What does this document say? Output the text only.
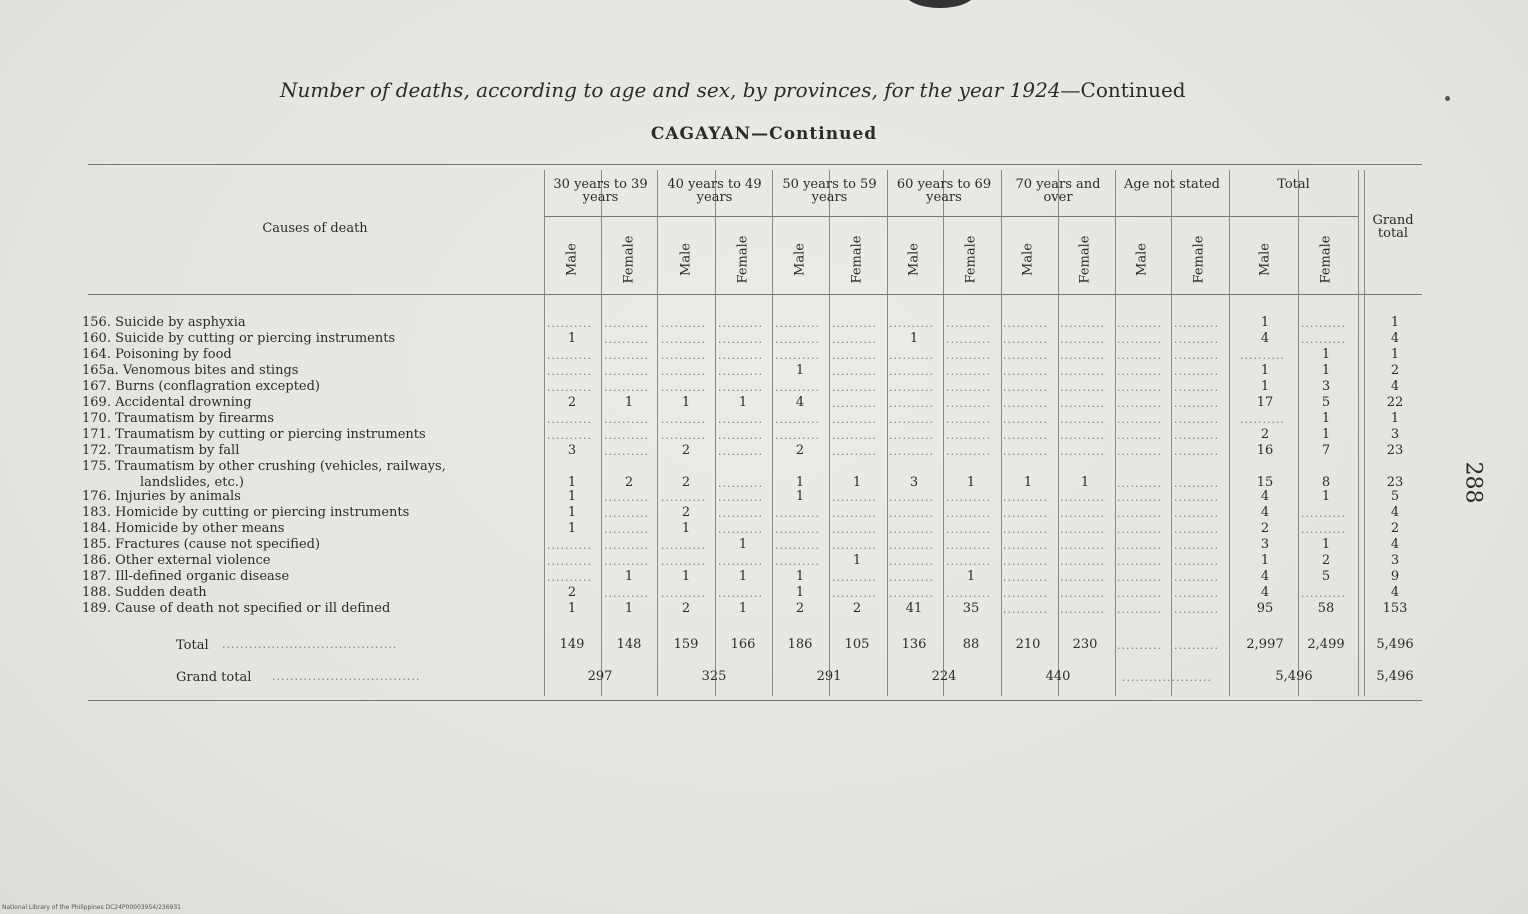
Number of deaths, according to age and sex, by provinces, for the year 1924—Continued
CAGAYAN—Continued
288
National Library of the Philippines DC24P00003954/236931
Causes of death
30 years to 39 years
40 years to 49 years
50 years to 59 years
60 years to 69 years
70 years and over
Age not stated	Total
Grand total
Male	Female	Male	Female	Male	Female	Male	Female	Male	Female	Male	Female	Male	Female
156. Suicide by asphyxia	..........	..........	..........	..........	..........	..........	..........	..........	..........	..........	..........	..........	1	..........	1
160. Suicide by cutting or piercing instruments	1	..........	..........	..........	..........	..........	1	..........	..........	..........	..........	..........	4	..........	4
164. Poisoning by food	..........	..........	..........	..........	..........	..........	..........	..........	..........	..........	..........	..........	..........	1	1
165a. Venomous bites and stings	..........	..........	..........	..........	1	..........	..........	..........	..........	..........	..........	..........	1	1	2
167. Burns (conflagration excepted)	..........	..........	..........	..........	..........	..........	..........	..........	..........	..........	..........	..........	1	3	4
169. Accidental drowning	2	1	1	1	4	..........	..........	..........	..........	..........	..........	..........	17	5	22
170. Traumatism by firearms	..........	..........	..........	..........	..........	..........	..........	..........	..........	..........	..........	..........	..........	1	1
171. Traumatism by cutting or piercing instruments	..........	..........	..........	..........	..........	..........	..........	..........	..........	..........	..........	..........	2	1	3
172. Traumatism by fall	3	..........	2	..........	2	..........	..........	..........	..........	..........	..........	..........	16	7	23
175. Traumatism by other crushing (vehicles, railways,
landslides, etc.)	1	2	2	..........	1	1	3	1	1	1	..........	..........	15	8	23
176. Injuries by animals	1	..........	..........	..........	1	..........	..........	..........	..........	..........	..........	..........	4	1	5
183. Homicide by cutting or piercing instruments	1	..........	2	..........	..........	..........	..........	..........	..........	..........	..........	..........	4	..........	4
184. Homicide by other means	1	..........	1	..........	..........	..........	..........	..........	..........	..........	..........	..........	2	..........	2
185. Fractures (cause not specified)	..........	..........	..........	1	..........	..........	..........	..........	..........	..........	..........	..........	3	1	4
186. Other external violence	..........	..........	..........	..........	..........	1	..........	..........	..........	..........	..........	..........	1	2	3
187. Ill-defined organic disease	..........	1	1	1	1	..........	..........	1	..........	..........	..........	..........	4	5	9
188. Sudden death	2	..........	..........	..........	1	..........	..........	..........	..........	..........	..........	..........	4	..........	4
189. Cause of death not specified or ill defined	1	1	2	1	2	2	41	35	..........	..........	..........	..........	95	58	153
Total .......................................	149	148	159	166	186	105	136	88	210	230	..........	..........	2,997	2,499	5,496
Grand total .................................	297	325	291	224	440	....................	5,496	5,496
